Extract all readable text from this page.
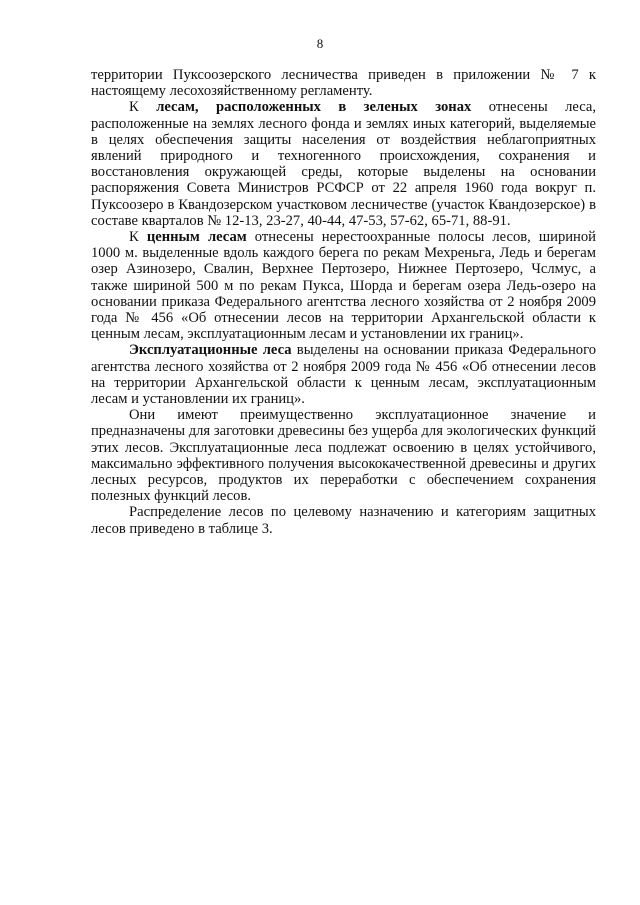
8

территории Пуксоозерского лесничества приведен в приложении № 7 к настоящему лесохозяйственному регламенту.

К лесам, расположенных в зеленых зонах отнесены леса, расположенные на землях лесного фонда и землях иных категорий, выделяемые в целях обеспечения защиты населения от воздействия неблагоприятных явлений природного и техногенного происхождения, сохранения и восстановления окружающей среды, которые выделены на основании распоряжения Совета Министров РСФСР от 22 апреля 1960 года вокруг п. Пуксоозеро в Квандозерском участковом лесничестве (участок Квандозерское) в составе кварталов № 12-13, 23-27, 40-44, 47-53, 57-62, 65-71, 88-91.

К ценным лесам отнесены нерестоохранные полосы лесов, шириной 1000 м. выделенные вдоль каждого берега по рекам Мехреньга, Ледь и берегам озер Азинозеро, Свалин, Верхнее Пертозеро, Нижнее Пертозеро, Чслмус, а также шириной 500 м по рекам Пукса, Шорда и берегам озера Ледь-озеро на основании приказа Федерального агентства лесного хозяйства от 2 ноября 2009 года № 456 «Об отнесении лесов на территории Архангельской области к ценным лесам, эксплуатационным лесам и установлении их границ».

Эксплуатационные леса выделены на основании приказа Федерального агентства лесного хозяйства от 2 ноября 2009 года № 456 «Об отнесении лесов на территории Архангельской области к ценным лесам, эксплуатационным лесам и установлении их границ».

Они имеют преимущественно эксплуатационное значение и предназначены для заготовки древесины без ущерба для экологических функций этих лесов. Эксплуатационные леса подлежат освоению в целях устойчивого, максимально эффективного получения высококачественной древесины и других лесных ресурсов, продуктов их переработки с обеспечением сохранения полезных функций лесов.

Распределение лесов по целевому назначению и категориям защитных лесов приведено в таблице 3.
